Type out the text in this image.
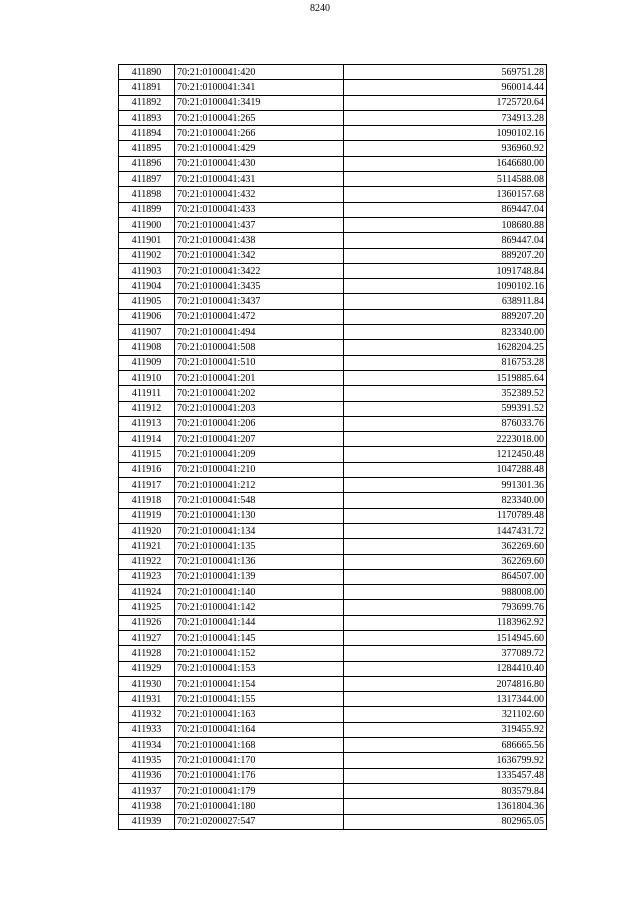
8240
411890	70:21:0100041:420	569751.28
411891	70:21:0100041:341	960014.44
411892	70:21:0100041:3419	1725720.64
411893	70:21:0100041:265	734913.28
411894	70:21:0100041:266	1090102.16
411895	70:21:0100041:429	936960.92
411896	70:21:0100041:430	1646680.00
411897	70:21:0100041:431	5114588.08
411898	70:21:0100041:432	1360157.68
411899	70:21:0100041:433	869447.04
411900	70:21:0100041:437	108680.88
411901	70:21:0100041:438	869447.04
411902	70:21:0100041:342	889207.20
411903	70:21:0100041:3422	1091748.84
411904	70:21:0100041:3435	1090102.16
411905	70:21:0100041:3437	638911.84
411906	70:21:0100041:472	889207.20
411907	70:21:0100041:494	823340.00
411908	70:21:0100041:508	1628204.25
411909	70:21:0100041:510	816753.28
411910	70:21:0100041:201	1519885.64
411911	70:21:0100041:202	352389.52
411912	70:21:0100041:203	599391.52
411913	70:21:0100041:206	876033.76
411914	70:21:0100041:207	2223018.00
411915	70:21:0100041:209	1212450.48
411916	70:21:0100041:210	1047288.48
411917	70:21:0100041:212	991301.36
411918	70:21:0100041:548	823340.00
411919	70:21:0100041:130	1170789.48
411920	70:21:0100041:134	1447431.72
411921	70:21:0100041:135	362269.60
411922	70:21:0100041:136	362269.60
411923	70:21:0100041:139	864507.00
411924	70:21:0100041:140	988008.00
411925	70:21:0100041:142	793699.76
411926	70:21:0100041:144	1183962.92
411927	70:21:0100041:145	1514945.60
411928	70:21:0100041:152	377089.72
411929	70:21:0100041:153	1284410.40
411930	70:21:0100041:154	2074816.80
411931	70:21:0100041:155	1317344.00
411932	70:21:0100041:163	321102.60
411933	70:21:0100041:164	319455.92
411934	70:21:0100041:168	686665.56
411935	70:21:0100041:170	1636799.92
411936	70:21:0100041:176	1335457.48
411937	70:21:0100041:179	803579.84
411938	70:21:0100041:180	1361804.36
411939	70:21:0200027:547	802965.05
